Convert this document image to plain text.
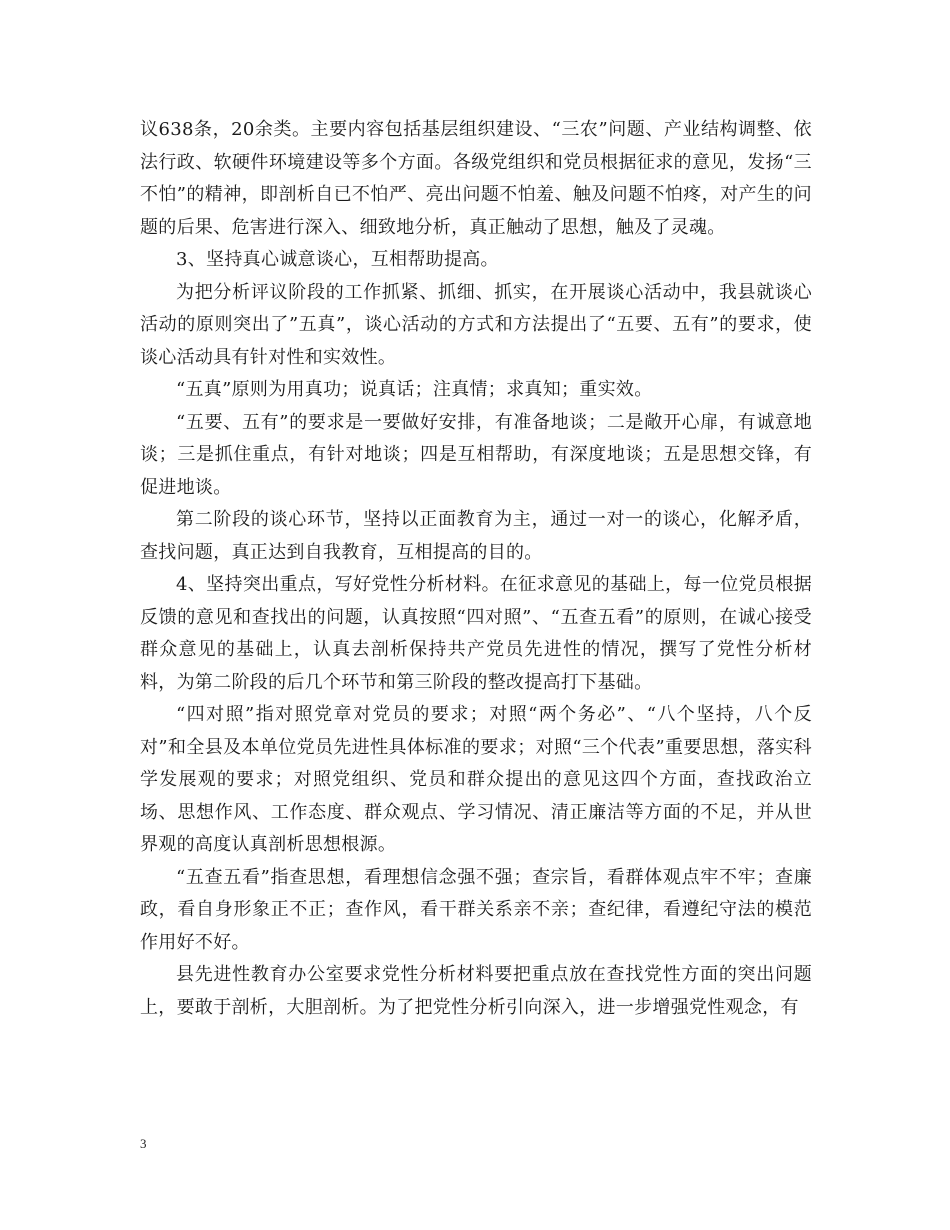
议638条，20余类。主要内容包括基层组织建设、“三农”问题、产业结构调整、依法行政、软硬件环境建设等多个方面。各级党组织和党员根据征求的意见，发扬“三不怕”的精神，即剖析自已不怕严、亮出问题不怕羞、触及问题不怕疼，对产生的问题的后果、危害进行深入、细致地分析，真正触动了思想，触及了灵魂。

3、坚持真心诚意谈心，互相帮助提高。

为把分析评议阶段的工作抓紧、抓细、抓实，在开展谈心活动中，我县就谈心活动的原则突出了”五真”，谈心活动的方式和方法提出了“五要、五有”的要求，使谈心活动具有针对性和实效性。

“五真”原则为用真功；说真话；注真情；求真知；重实效。

“五要、五有”的要求是一要做好安排，有准备地谈；二是敞开心扉，有诚意地谈；三是抓住重点，有针对地谈；四是互相帮助，有深度地谈；五是思想交锋，有促进地谈。

第二阶段的谈心环节，坚持以正面教育为主，通过一对一的谈心，化解矛盾，查找问题，真正达到自我教育，互相提高的目的。

4、坚持突出重点，写好党性分析材料。在征求意见的基础上，每一位党员根据反馈的意见和查找出的问题，认真按照“四对照”、“五查五看”的原则，在诚心接受群众意见的基础上，认真去剖析保持共产党员先进性的情况，撰写了党性分析材料，为第二阶段的后几个环节和第三阶段的整改提高打下基础。

“四对照”指对照党章对党员的要求；对照“两个务必”、“八个坚持，八个反对”和全县及本单位党员先进性具体标准的要求；对照“三个代表”重要思想，落实科学发展观的要求；对照党组织、党员和群众提出的意见这四个方面，查找政治立场、思想作风、工作态度、群众观点、学习情况、清正廉洁等方面的不足，并从世界观的高度认真剖析思想根源。

“五查五看”指查思想，看理想信念强不强；查宗旨，看群体观点牢不牢；查廉政，看自身形象正不正；查作风，看干群关系亲不亲；查纪律，看遵纪守法的模范作用好不好。

县先进性教育办公室要求党性分析材料要把重点放在查找党性方面的突出问题上，要敢于剖析，大胆剖析。为了把党性分析引向深入，进一步增强党性观念，有

3
